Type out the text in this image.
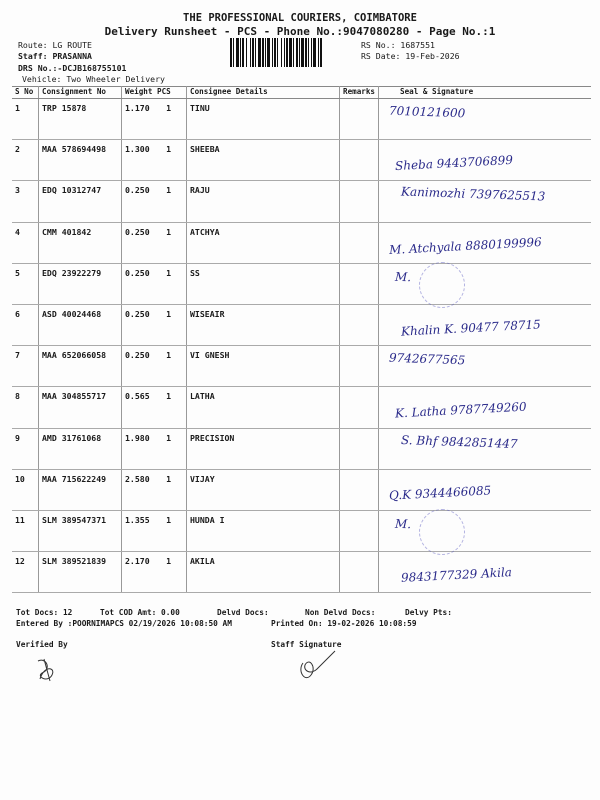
THE PROFESSIONAL COURIERS, COIMBATORE
Delivery Runsheet - PCS - Phone No.:9047080280 - Page No.:1
Route: LG ROUTE
Staff: PRASANNA
DRS No.:-DCJB168755101
Vehicle: Two Wheeler Delivery
RS No.: 1687551
RS Date: 19-Feb-2026
S No	Consignment No	Weight PCS	Consignee Details	Remarks	Seal & Signature
1	TRP 15878	1.170 1	TINU		7010121600

2	MAA 578694498	1.300 1	SHEEBA		Sheba 9443706899

3	EDQ 10312747	0.250 1	RAJU		Kanimozhi 7397625513

4	CMM 401842	0.250 1	ATCHYA		M. Atchyala 8880199996

5	EDQ 23922279	0.250 1	SS		M.

6	ASD 40024468	0.250 1	WISEAIR		Khalin K. 90477 78715

7	MAA 652066058	0.250 1	VI GNESH		9742677565

8	MAA 304855717	0.565 1	LATHA		K. Latha 9787749260

9	AMD 31761068	1.980 1	PRECISION		S. Bhf 9842851447

10	MAA 715622249	2.580 1	VIJAY		Q.K 9344466085

11	SLM 389547371	1.355 1	HUNDA I		M.

12	SLM 389521839	2.170 1	AKILA		9843177329 Akila
Tot Docs: 12	Tot COD Amt: 0.00	Delvd Docs:	Non Delvd Docs:	Delvy Pts:
Entered By :POORNIMAPCS 02/19/2026 10:08:50 AM	Printed On: 19-02-2026 10:08:59
Verified By	Staff Signature
